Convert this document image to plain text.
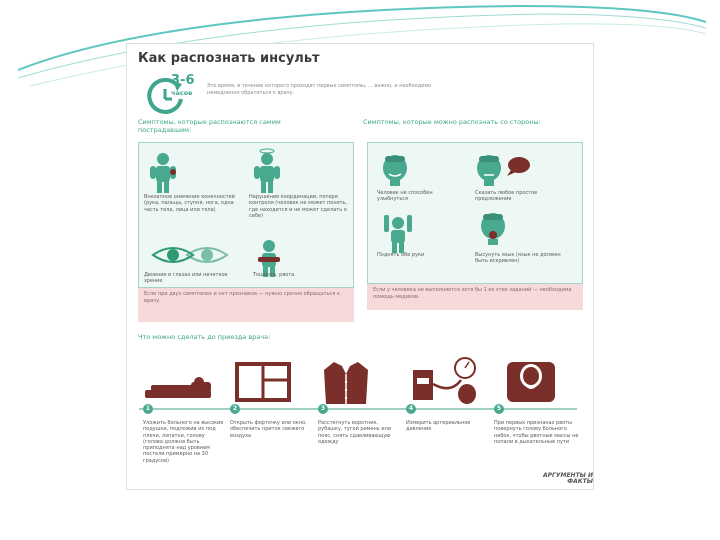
Как распознать инсульт
3-6
часов
Это время, в течение которого проходят первые симптомы, ... важно, и необходимо немедленно обратиться к врачу.
Симптомы, которые распознаются самим пострадавшим:
Внезапное онемение конечностей (рука, пальцы, ступня, нога, одна часть тела, лица или тела)
Нарушение координации, потеря контроля (человек не может понять, где находится и не может сделать о себе)
Двоение в глазах или нечеткое зрение
Тошнота, рвота
Если при двух симптомах и нет признаков — нужно срочно обращаться к врачу.
Симптомы, которые можно распознать со стороны:
Человек не способен улыбнуться
Сказать любое простое предложение
Поднять обе руки	Высунуть язык (язык не должен быть искривлен)
Если у человека не выполняется хотя бы 1 из этих заданий — необходима помощь медиков.
Что можно сделать до приезда врача:
1	2	3	4	5
Уложить больного на высокие подушки, подложив их под плечи, лопатки, голову (голова должна быть приподнята над уровнем постели примерно на 30 градусов)
Открыть форточку или окно, обеспечить приток свежего воздуха
Расстегнуть воротник, рубашку, тугой ремень или пояс, снять сдавливающую одежду
Измерить артериальное давление
При первых признаках рвоты повернуть голову больного набок, чтобы рвотные массы не попали в дыхательные пути
АРГУМЕНТЫ И ФАКТЫ
